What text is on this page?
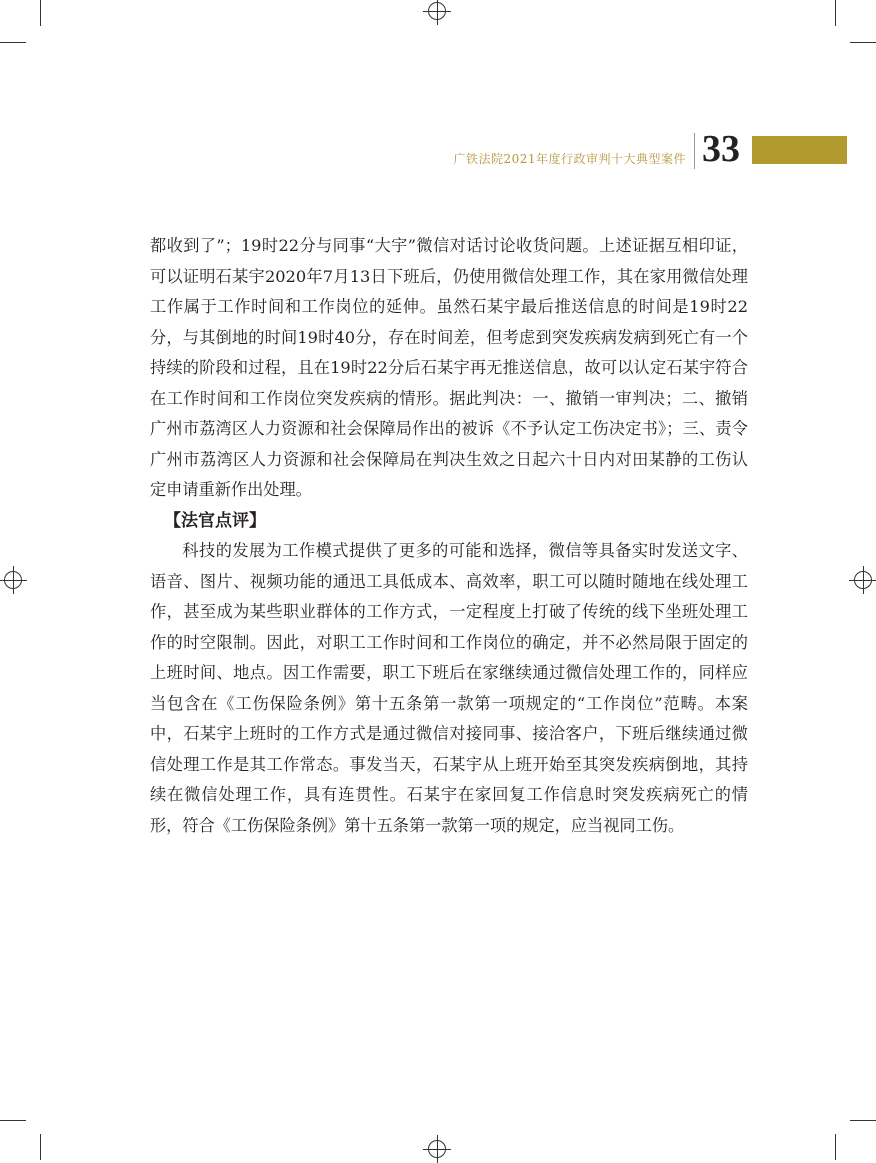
广铁法院2021年度行政审判十大典型案件 33

都收到了”；19时22分与同事“大宇”微信对话讨论收货问题。上述证据互相印证，可以证明石某宇2020年7月13日下班后，仍使用微信处理工作，其在家用微信处理工作属于工作时间和工作岗位的延伸。虽然石某宇最后推送信息的时间是19时22分，与其倒地的时间19时40分，存在时间差，但考虑到突发疾病发病到死亡有一个持续的阶段和过程，且在19时22分后石某宇再无推送信息，故可以认定石某宇符合在工作时间和工作岗位突发疾病的情形。据此判决：一、撤销一审判决；二、撤销广州市荔湾区人力资源和社会保障局作出的被诉《不予认定工伤决定书》；三、责令广州市荔湾区人力资源和社会保障局在判决生效之日起六十日内对田某静的工伤认定申请重新作出处理。

【法官点评】

科技的发展为工作模式提供了更多的可能和选择，微信等具备实时发送文字、语音、图片、视频功能的通迅工具低成本、高效率，职工可以随时随地在线处理工作，甚至成为某些职业群体的工作方式，一定程度上打破了传统的线下坐班处理工作的时空限制。因此，对职工工作时间和工作岗位的确定，并不必然局限于固定的上班时间、地点。因工作需要，职工下班后在家继续通过微信处理工作的，同样应当包含在《工伤保险条例》第十五条第一款第一项规定的“工作岗位”范畴。本案中，石某宇上班时的工作方式是通过微信对接同事、接洽客户，下班后继续通过微信处理工作是其工作常态。事发当天，石某宇从上班开始至其突发疾病倒地，其持续在微信处理工作，具有连贯性。石某宇在家回复工作信息时突发疾病死亡的情形，符合《工伤保险条例》第十五条第一款第一项的规定，应当视同工伤。
